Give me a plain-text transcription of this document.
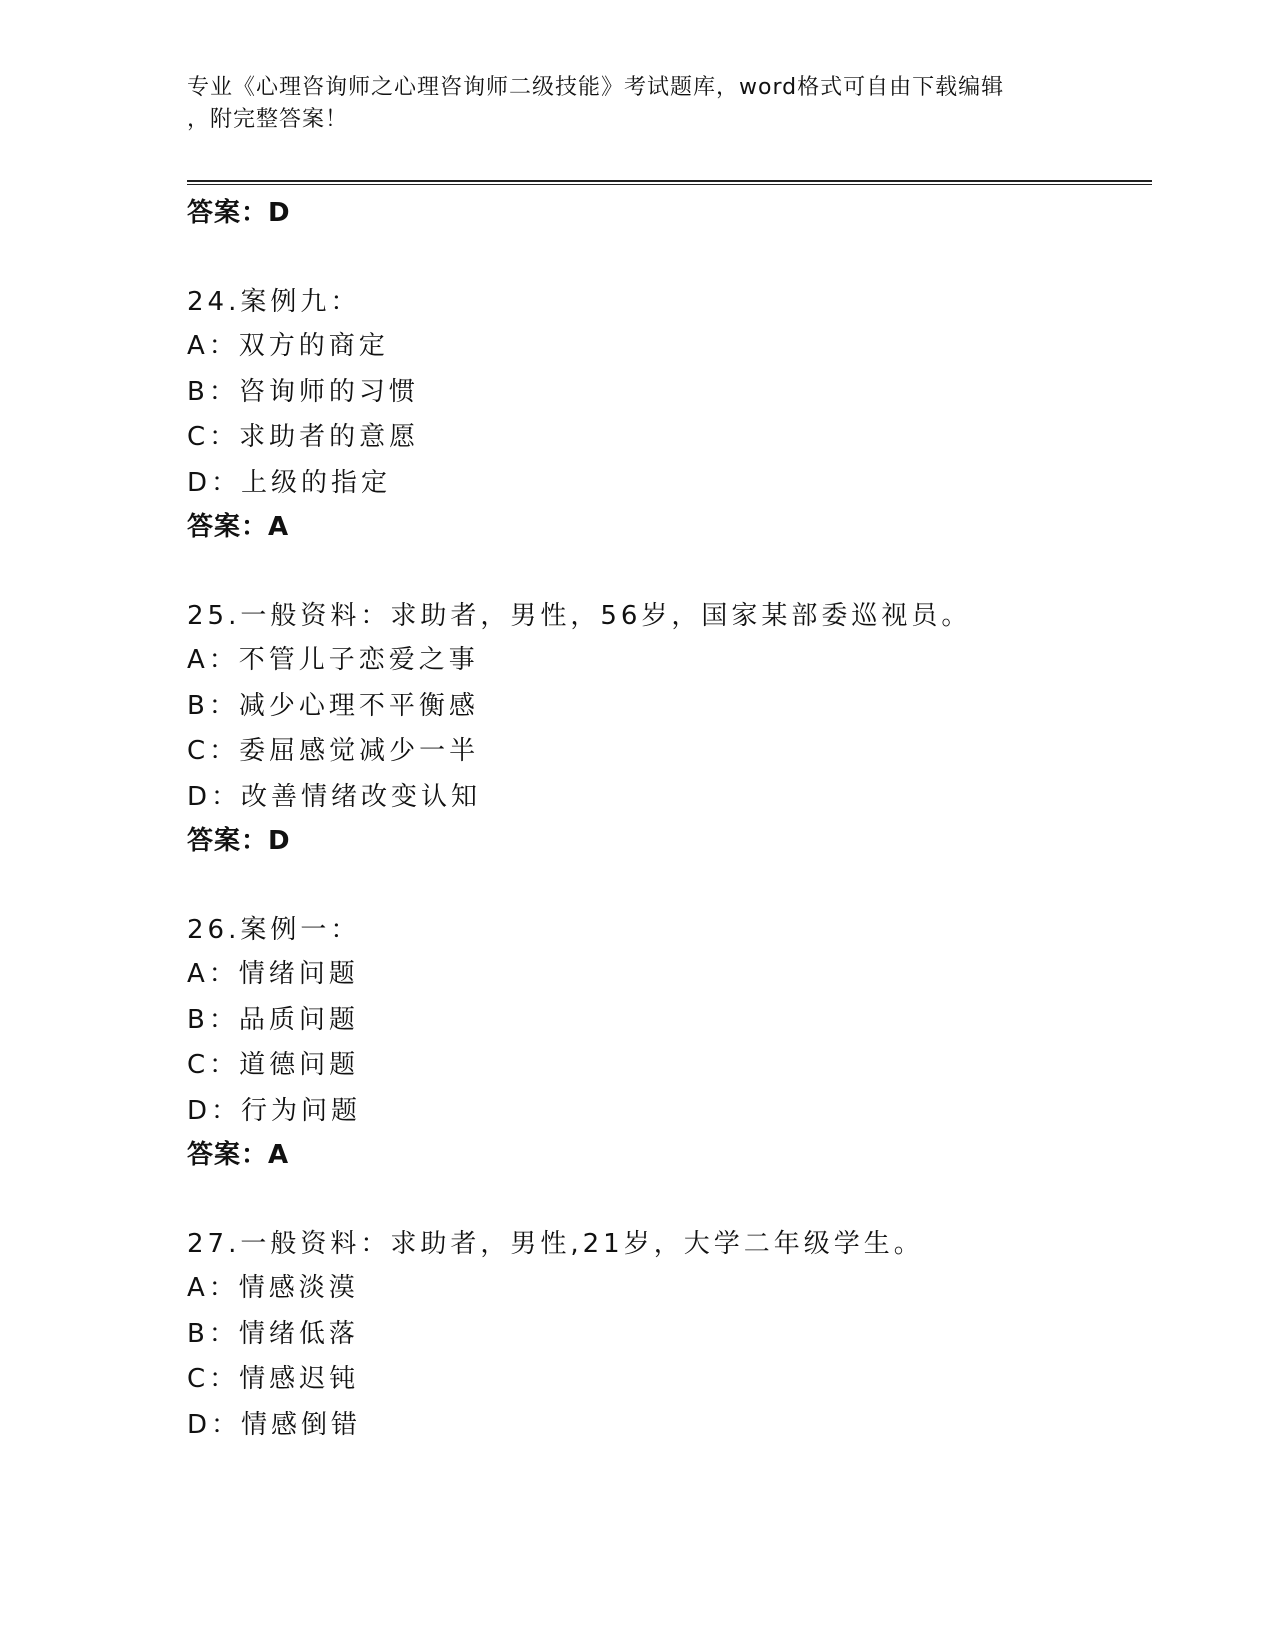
专业《心理咨询师之心理咨询师二级技能》考试题库，word格式可自由下载编辑
，附完整答案！
答案：D
24.案例九：
A：双方的商定
B：咨询师的习惯
C：求助者的意愿
D：上级的指定
答案：A
25.一般资料：求助者，男性，56岁，国家某部委巡视员。
A：不管儿子恋爱之事
B：减少心理不平衡感
C：委屈感觉减少一半
D：改善情绪改变认知
答案：D
26.案例一：
A：情绪问题
B：品质问题
C：道德问题
D：行为问题
答案：A
27.一般资料：求助者，男性,21岁，大学二年级学生。
A：情感淡漠
B：情绪低落
C：情感迟钝
D：情感倒错
